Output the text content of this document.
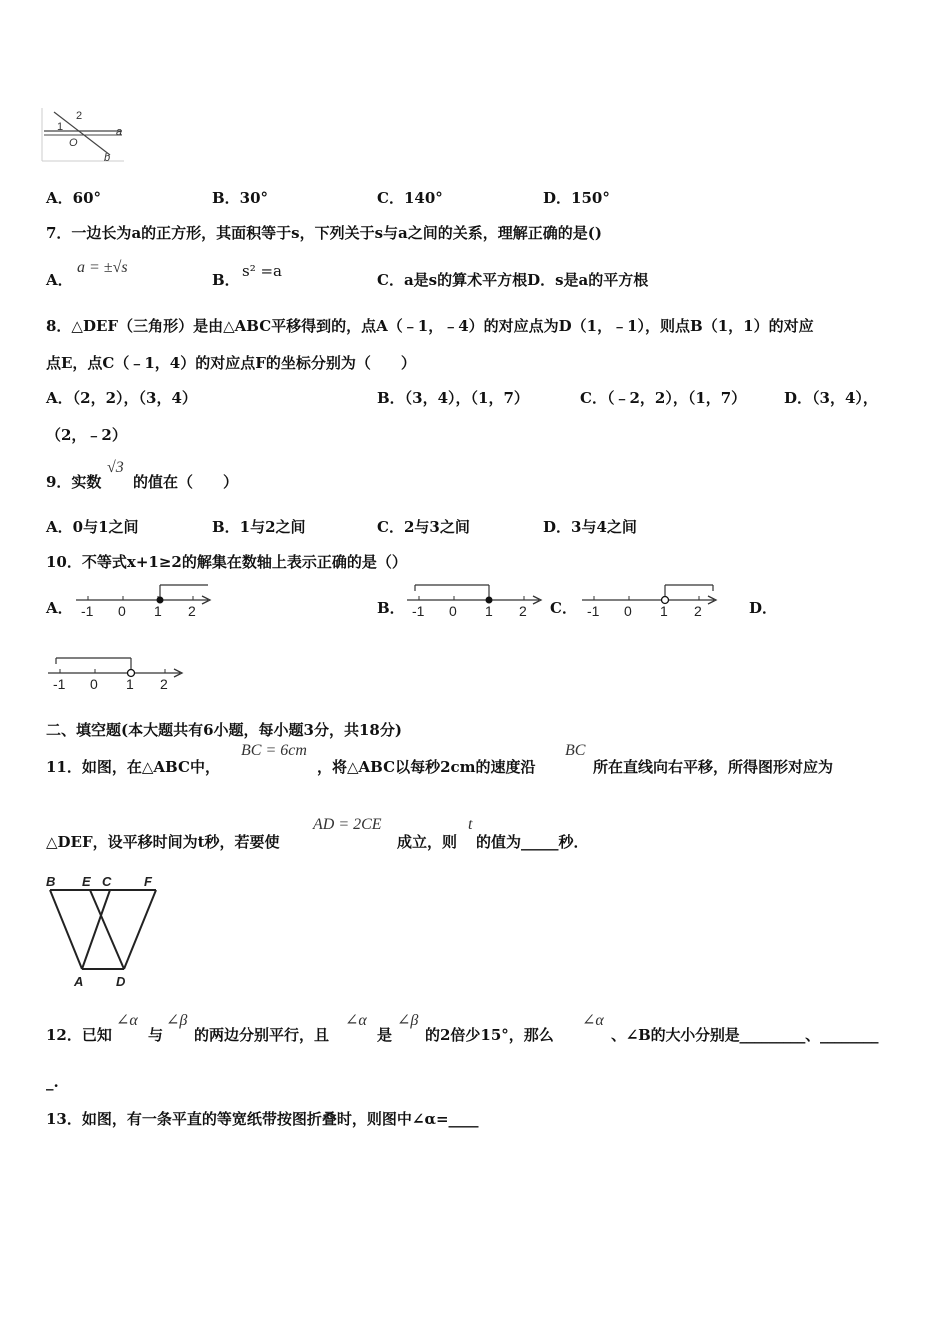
1
2
O
a
b
A．60°	B．30°	C．140°	D．150°
7．一边长为a的正方形，其面积等于s，下列关于s与a之间的关系，理解正确的是()
A．
a = ±√s
B． s² =a	C．a是s的算术平方根D．s是a的平方根
8．△DEF（三角形）是由△ABC平移得到的，点A（﹣1，﹣4）的对应点为D（1，﹣1），则点B（1，1）的对应
点E，点C（﹣1，4）的对应点F的坐标分别为（　　）
A．（2，2），（3，4）	B．（3，4），（1，7）	C．（﹣2，2），（1，7）	D．（3，4），
（2，﹣2）
9．实数
√3
的值在（　　）
A．0与1之间	B．1与2之间	C．2与3之间	D．3与4之间
10．不等式x+1≥2的解集在数轴上表示正确的是（）
A． -1 0 1 2	B． -1 0 1 2 C． -1 0 1 2	D．
-1 0 1 2
二、填空题(本大题共有6小题，每小题3分，共18分)
11．如图，在△ABC中，
BC = 6cm
，将△ABC以每秒2cm的速度沿
BC
所在直线向右平移，所得图形对应为
△DEF，设平移时间为t秒，若要使
AD = 2CE
成立，则
t
的值为_____秒．
B E C	F
A	D
12．已知
∠α
与
∠β
的两边分别平行，且
∠α
是
∠β
的2倍少15°，那么
∠α
、∠B的大小分别是_________、________
_.
13．如图，有一条平直的等宽纸带按图折叠时，则图中∠α=____
